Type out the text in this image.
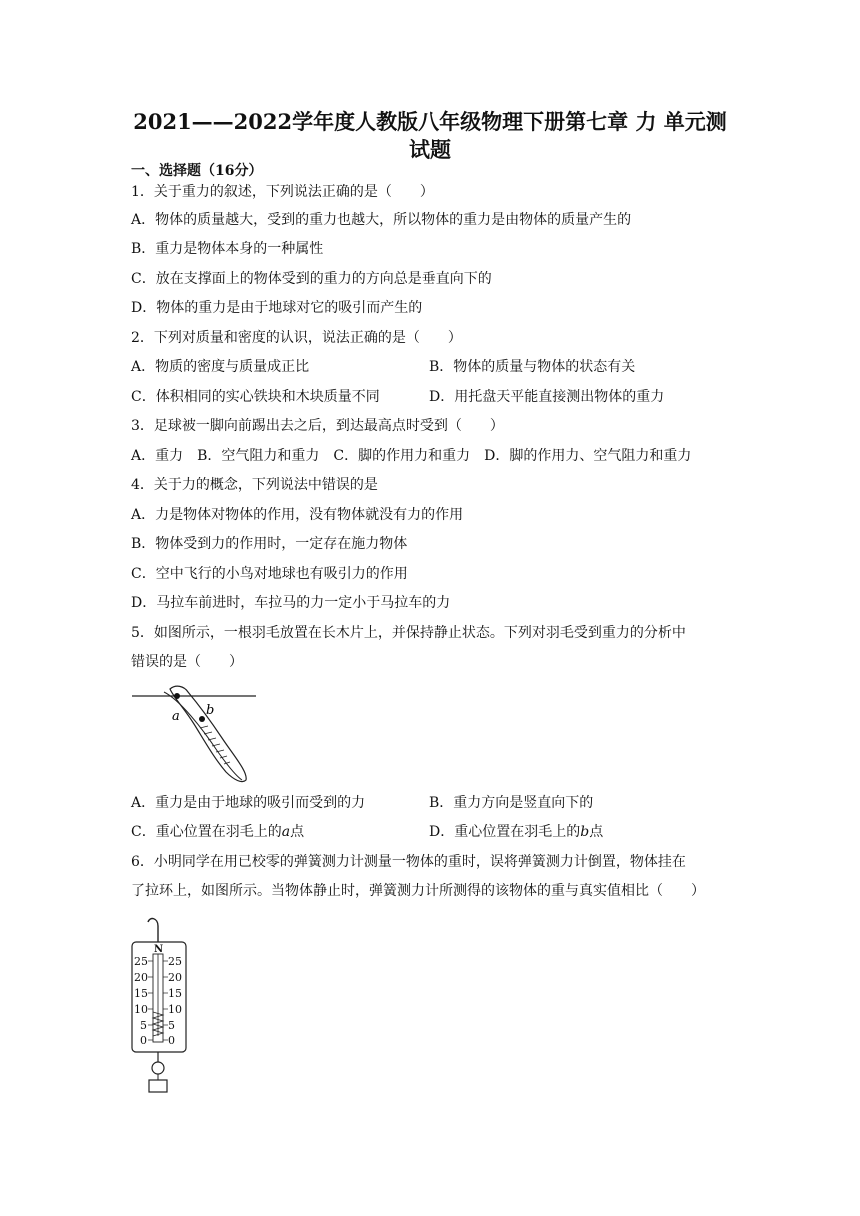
2021——2022学年度人教版八年级物理下册第七章 力 单元测
试题
一、选择题（16分）
1．关于重力的叙述，下列说法正确的是（　　）
A．物体的质量越大，受到的重力也越大，所以物体的重力是由物体的质量产生的
B．重力是物体本身的一种属性
C．放在支撑面上的物体受到的重力的方向总是垂直向下的
D．物体的重力是由于地球对它的吸引而产生的
2．下列对质量和密度的认识，说法正确的是（　　）
A．物质的密度与质量成正比	B．物体的质量与物体的状态有关
C．体积相同的实心铁块和木块质量不同	D．用托盘天平能直接测出物体的重力
3．足球被一脚向前踢出去之后，到达最高点时受到（　　）
A．重力　B．空气阻力和重力　C．脚的作用力和重力　D．脚的作用力、空气阻力和重力
4．关于力的概念，下列说法中错误的是
A．力是物体对物体的作用，没有物体就没有力的作用
B．物体受到力的作用时，一定存在施力物体
C．空中飞行的小鸟对地球也有吸引力的作用
D．马拉车前进时，车拉马的力一定小于马拉车的力
5．如图所示，一根羽毛放置在长木片上，并保持静止状态。下列对羽毛受到重力的分析中
错误的是（　　）
a b
A．重力是由于地球的吸引而受到的力	B．重力方向是竖直向下的
C．重心位置在羽毛上的a点	D．重心位置在羽毛上的b点
6．小明同学在用已校零的弹簧测力计测量一物体的重时，误将弹簧测力计倒置，物体挂在
了拉环上，如图所示。当物体静止时，弹簧测力计所测得的该物体的重与真实值相比（　　）
N
25
20
15
10
5
0
25
20
15
10
5
0
